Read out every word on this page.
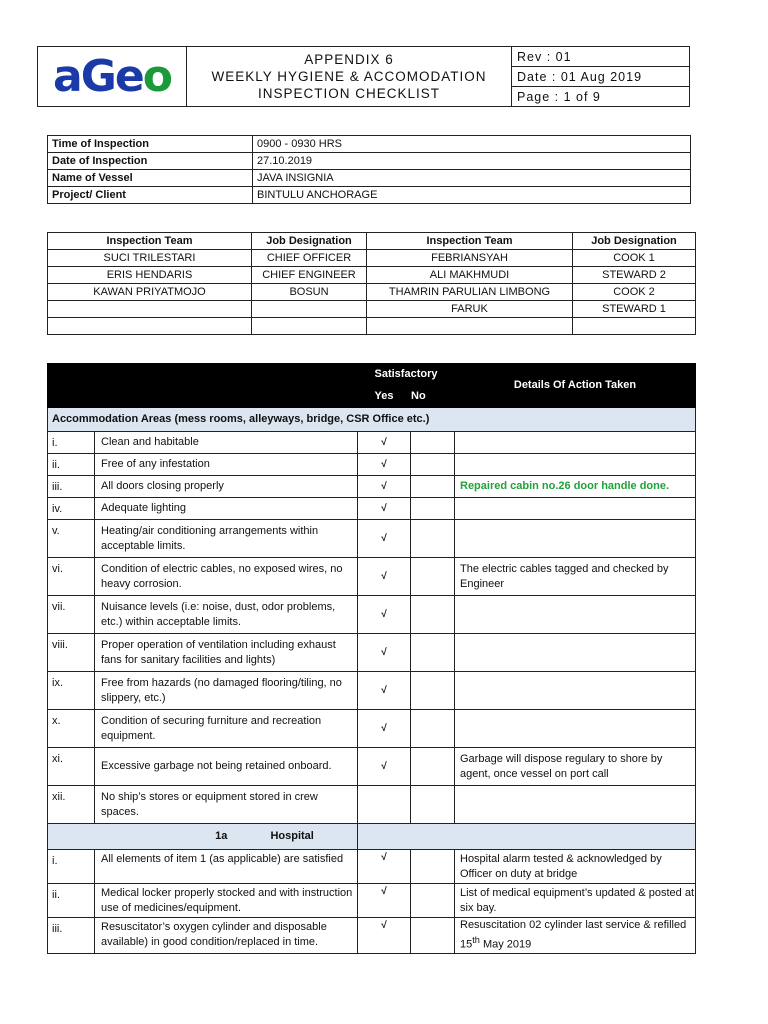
aGeo	APPENDIX 6
WEEKLY HYGIENE & ACCOMODATION
INSPECTION CHECKLIST
	Rev : 01
Date : 01 Aug 2019
Page : 1 of 9
Time of Inspection	0900 - 0930 HRS
Date of Inspection	27.10.2019
Name of Vessel	JAVA INSIGNIA
Project/ Client	BINTULU ANCHORAGE
Inspection Team	Job Designation	Inspection Team	Job Designation
SUCI TRILESTARI	CHIEF OFFICER	FEBRIANSYAH	COOK 1
ERIS HENDARIS	CHIEF ENGINEER	ALI MAKHMUDI	STEWARD 2
KAWAN PRIYATMOJO	BOSUN	THAMRIN PARULIAN LIMBONG	COOK 2
		FARUK	STEWARD 1

		Satisfactory		Details Of Action Taken
		Yes	No	
Accommodation Areas (mess rooms, alleyways, bridge, CSR Office etc.)				
i.	Clean and habitable	√		
ii.	Free of any infestation	√		
iii.	All doors closing properly	√		Repaired cabin no.26 door handle done.
iv.	Adequate lighting	√		
v.	Heating/air conditioning arrangements within acceptable limits.	√		
vi.	Condition of electric cables, no exposed wires, no heavy corrosion.	√		The electric cables tagged and checked by Engineer
vii.	Nuisance levels (i.e: noise, dust, odor problems, etc.) within acceptable limits.	√		
viii.	Proper operation of ventilation including exhaust fans for sanitary facilities and lights)	√		
ix.	Free from hazards (no damaged flooring/tiling, no slippery, etc.)	√		
x.	Condition of securing furniture and recreation equipment.	√		
xi.	Excessive garbage not being retained onboard.	√		Garbage will dispose regulary to shore by agent, once vessel on port call
xii.	No ship’s stores or equipment stored in crew spaces.			
1a Hospital				
i.	All elements of item 1 (as applicable) are satisfied	√		Hospital alarm tested & acknowledged by Officer on duty at bridge
ii.	Medical locker properly stocked and with instruction use of medicines/equipment.	√		List of medical equipment’s updated & posted at six bay.
iii.	Resuscitator’s oxygen cylinder and disposable available) in good condition/replaced in time.	√		Resuscitation 02 cylinder last service & refilled 15th May 2019
